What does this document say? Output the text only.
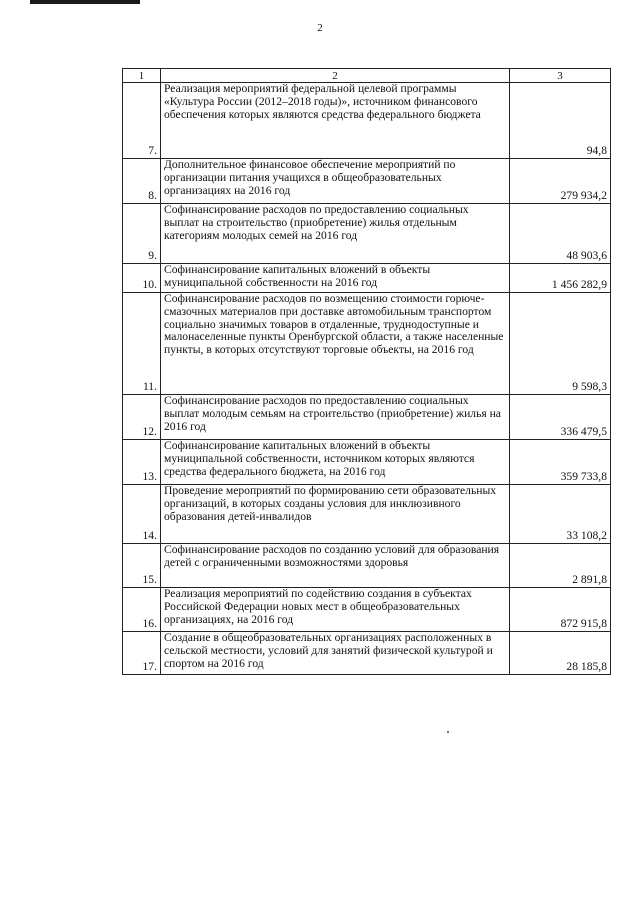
2
1	2	3
7.	Реализация мероприятий федеральной целевой программы «Культура России (2012–2018 годы)», источником финансового обеспечения которых являются средства федерального бюджета	94,8
8.	Дополнительное финансовое обеспечение мероприятий по организации питания учащихся в общеобразовательных организациях на 2016 год	279 934,2
9.	Софинансирование расходов по предоставлению социальных выплат на строительство (приобретение) жилья отдельным категориям молодых семей на 2016 год	48 903,6
10.	Софинансирование капитальных вложений в объекты муниципальной собственности на 2016 год	1 456 282,9
11.	Софинансирование расходов по возмещению стоимости горюче-смазочных материалов при доставке автомобильным транспортом социально значимых товаров в отдаленные, труднодоступные и малонаселенные пункты Оренбургской области, а также населенные пункты, в которых отсутствуют торговые объекты, на 2016 год	9 598,3
12.	Софинансирование расходов по предоставлению социальных выплат молодым семьям на строительство (приобретение) жилья на 2016 год	336 479,5
13.	Софинансирование капитальных вложений в объекты муниципальной собственности, источником которых являются средства федерального бюджета, на 2016 год	359 733,8
14.	Проведение мероприятий по формированию сети образовательных организаций, в которых созданы условия для инклюзивного образования детей-инвалидов	33 108,2
15.	Софинансирование расходов по созданию условий для образования детей с ограниченными возможностями здоровья	2 891,8
16.	Реализация мероприятий по содействию создания в субъектах Российской Федерации новых мест в общеобразовательных организациях, на 2016 год	872 915,8
17.	Создание в общеобразовательных организациях расположенных в сельской местности, условий для занятий физической культурой и спортом на 2016 год	28 185,8
